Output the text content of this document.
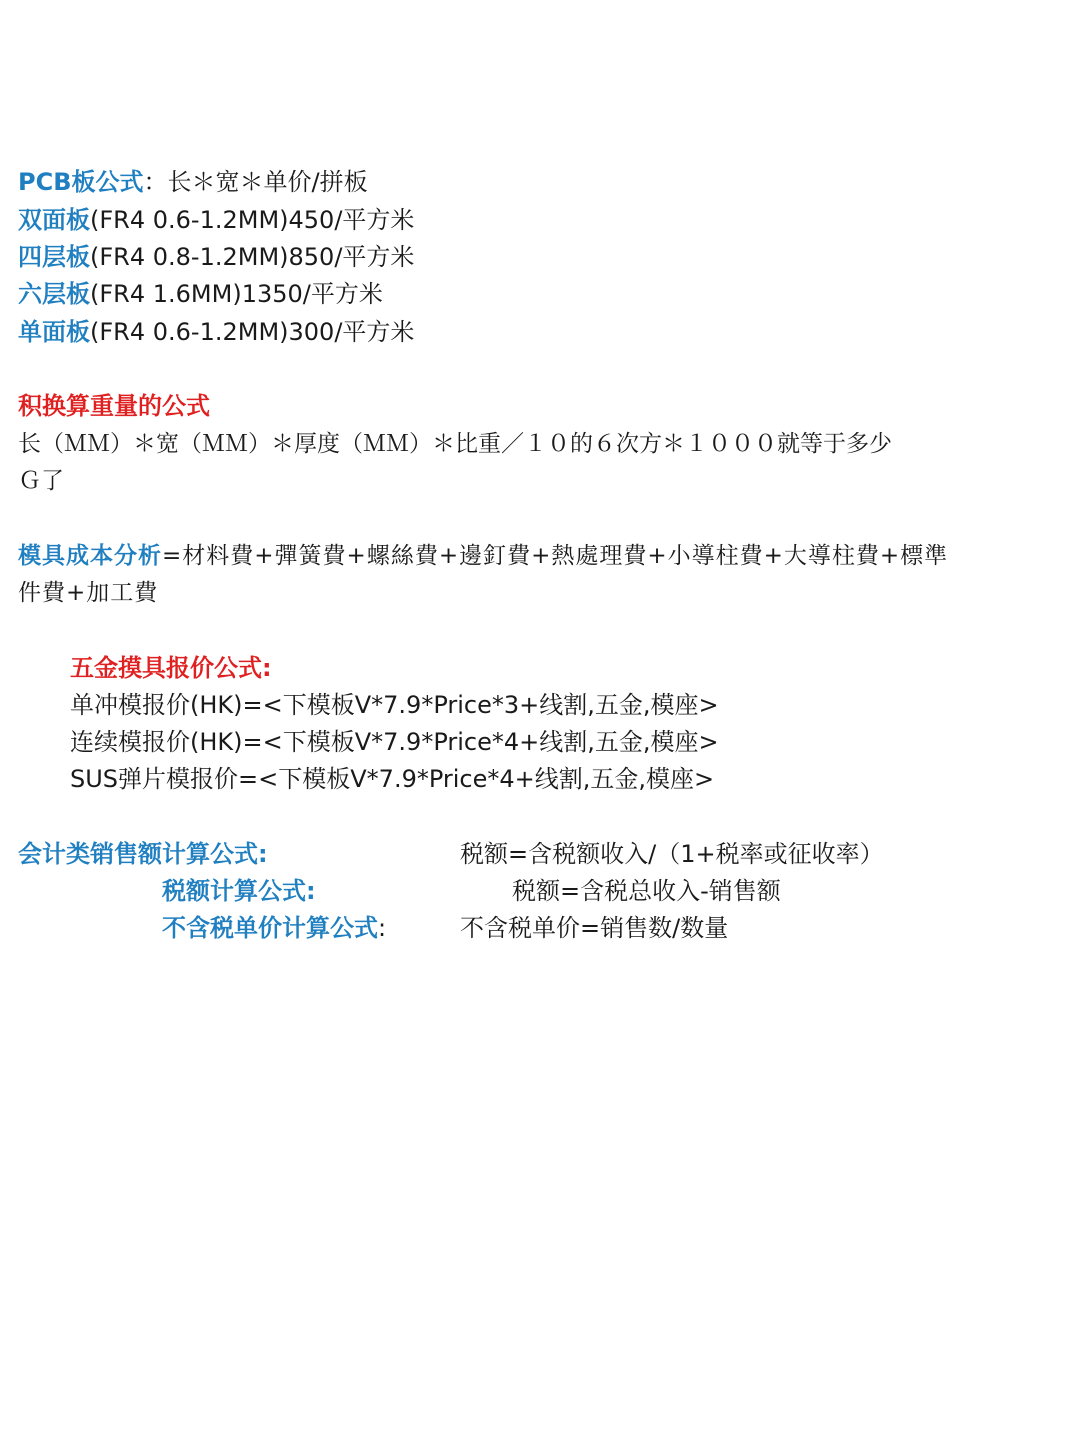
PCB板公式：长＊宽＊单价/拼板
双面板(FR4 0.6-1.2MM)450/平方米
四层板(FR4 0.8-1.2MM)850/平方米
六层板(FR4 1.6MM)1350/平方米
单面板(FR4 0.6-1.2MM)300/平方米
积换算重量的公式
长（ＭＭ）＊宽（ＭＭ）＊厚度（ＭＭ）＊比重／１０的６次方＊１０００就等于多少
Ｇ了
模具成本分析=材料費+彈簧費+螺絲費+邊釘費+熱處理費+小導柱費+大導柱費+標準
件費+加工費
五金摸具报价公式:
单冲模报价(HK)=<下模板V*7.9*Price*3+线割,五金,模座>
连续模报价(HK)=<下模板V*7.9*Price*4+线割,五金,模座>
SUS弹片模报价=<下模板V*7.9*Price*4+线割,五金,模座>
会计类销售额计算公式:	税额=含税额收入/（1+税率或征收率）
税额计算公式:	税额=含税总收入-销售额
不含税单价计算公式:	不含税单价=销售数/数量
